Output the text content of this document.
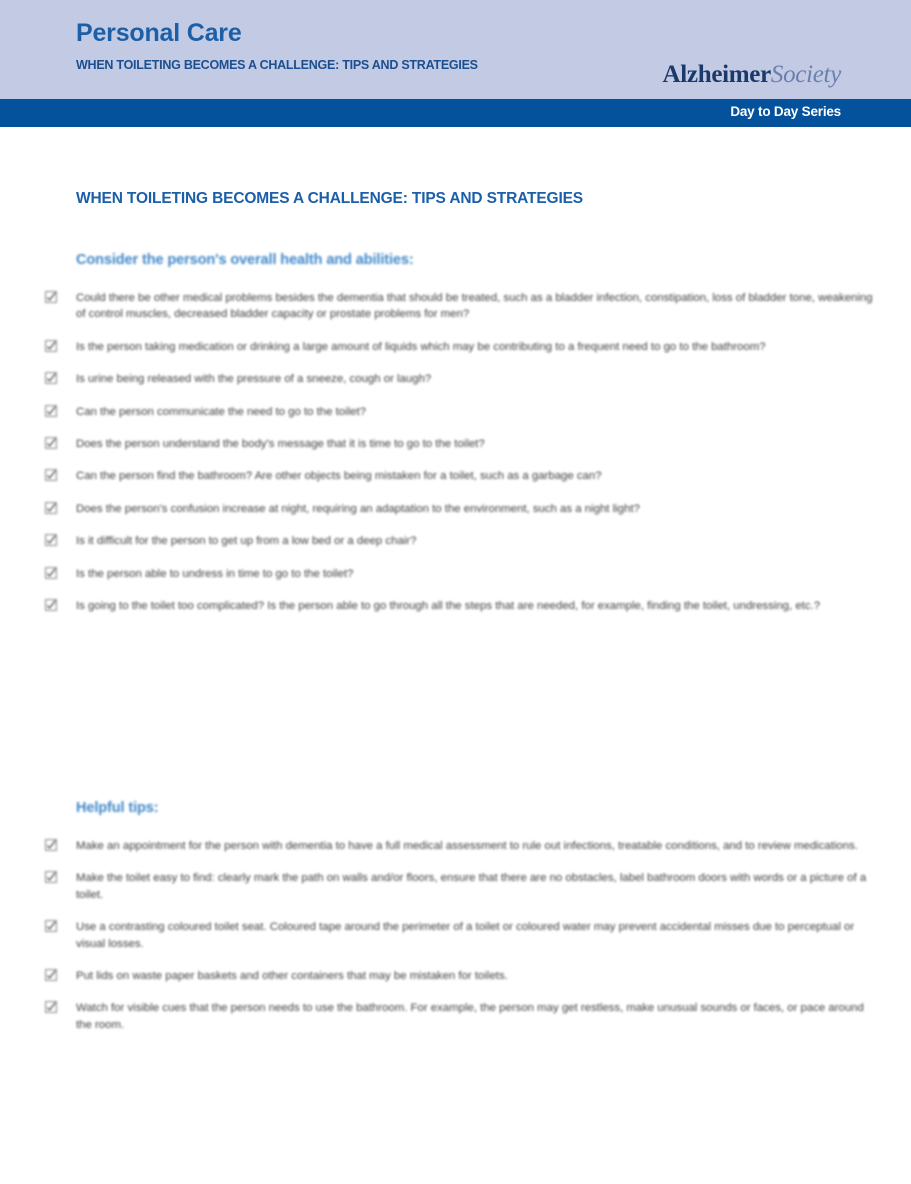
Personal Care
WHEN TOILETING BECOMES A CHALLENGE: TIPS AND STRATEGIES	AlzheimerSociety
Day to Day Series
WHEN TOILETING BECOMES A CHALLENGE: TIPS AND STRATEGIES
Consider the person's overall health and abilities:
Could there be other medical problems besides the dementia that should be treated, such as a bladder infection, constipation, loss of bladder tone, weakening of control muscles, decreased bladder capacity or prostate problems for men?
Is the person taking medication or drinking a large amount of liquids which may be contributing to a frequent need to go to the bathroom?
Is urine being released with the pressure of a sneeze, cough or laugh?
Can the person communicate the need to go to the toilet?
Does the person understand the body's message that it is time to go to the toilet?
Can the person find the bathroom? Are other objects being mistaken for a toilet, such as a garbage can?
Does the person's confusion increase at night, requiring an adaptation to the environment, such as a night light?
Is it difficult for the person to get up from a low bed or a deep chair?
Is the person able to undress in time to go to the toilet?
Is going to the toilet too complicated? Is the person able to go through all the steps that are needed, for example, finding the toilet, undressing, etc.?
Helpful tips:
Make an appointment for the person with dementia to have a full medical assessment to rule out infections, treatable conditions, and to review medications.
Make the toilet easy to find: clearly mark the path on walls and/or floors, ensure that there are no obstacles, label bathroom doors with words or a picture of a toilet.
Use a contrasting coloured toilet seat. Coloured tape around the perimeter of a toilet or coloured water may prevent accidental misses due to perceptual or visual losses.
Put lids on waste paper baskets and other containers that may be mistaken for toilets.
Watch for visible cues that the person needs to use the bathroom. For example, the person may get restless, make unusual sounds or faces, or pace around the room.
